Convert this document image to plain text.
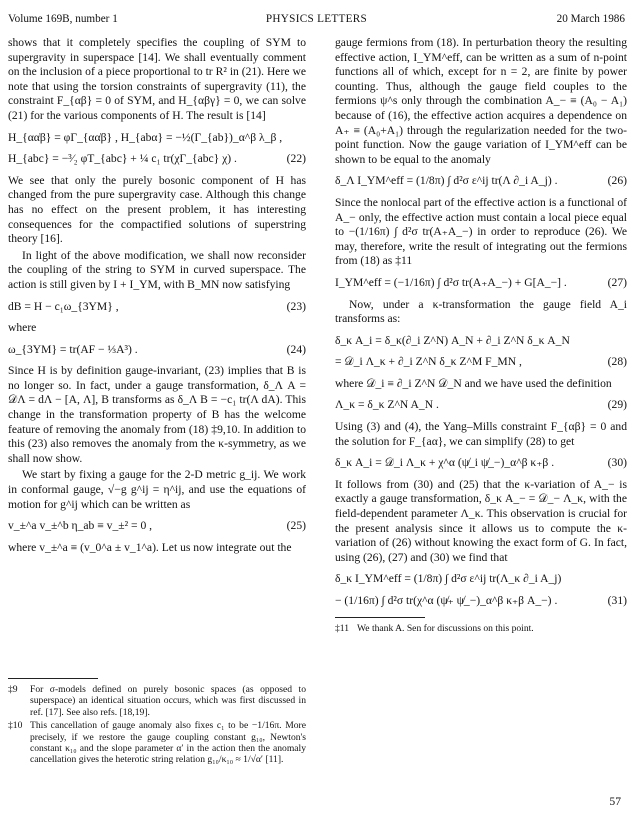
Volume 169B, number 1	PHYSICS LETTERS	20 March 1986

shows that it completely specifies the coupling of SYM to supergravity in superspace [14]. We shall eventually comment on the inclusion of a piece proportional to tr R² in (21). Here we note that using the torsion constraints of supergravity (11), the constraint F_{αβ} = 0 of SYM, and H_{αβγ} = 0, we can solve (21) for the various components of H. The result is [14]

H_{αα̇β} = φΓ_{αα̇β} , H_{abα} = −½(Γ_{ab})_α^β λ_β ,
H_{abc} = −³⁄₂ φT_{abc} + ¼ c₁ tr(χΓ_{abc} χ) .	(22)

We see that only the purely bosonic component of H has changed from the pure supergravity case. Although this change has no effect on the present problem, it has interesting consequences for the compactified solutions of superstring theory [16].

In light of the above modification, we shall now reconsider the coupling of the string to SYM in curved superspace. The action is still given by I + I_YM, with B_MN now satisfying

dB = H − c₁ω_{3YM} ,	(23)

where

ω_{3YM} = tr(AF − ⅓A³) .	(24)

Since H is by definition gauge-invariant, (23) implies that B is no longer so. In fact, under a gauge transformation, δ_Λ A = 𝒟Λ = dΛ − [A, Λ], B transforms as δ_Λ B = −c₁ tr(Λ dA). This change in the transformation property of B has the welcome feature of removing the anomaly from (18) ‡9,10. In addition to this (23) also removes the anomaly from the κ-symmetry, as we shall now show.

We start by fixing a gauge for the 2-D metric g_ij. We work in conformal gauge, √−g g^ij = η^ij, and use the equations of motion for g^ij which can be written as

v_±^a v_±^b η_ab ≡ v_±² = 0 ,	(25)

where v_±^a ≡ (v_0^a ± v_1^a). Let us now integrate out the

‡9	For σ-models defined on purely bosonic spaces (as opposed to superspace) an identical situation occurs, which was first discussed in ref. [17]. See also refs. [18,19].
‡10 This cancellation of gauge anomaly also fixes c₁ to be −1/16π. More precisely, if we restore the gauge coupling constant g₁₀, Newton's constant κ₁₀ and the slope parameter α′ in the action then the anomaly cancellation gives the heterotic string relation g₁₀/κ₁₀ ≈ 1/√α′ [11].

gauge fermions from (18). In perturbation theory the resulting effective action, I_YM^eff, can be written as a sum of n-point functions all of which, except for n = 2, are finite by power counting. Thus, although the gauge field couples to the fermions ψ^s only through the combination A_− ≡ (A₀ − A₁) because of (16), the effective action acquires a dependence on A₊ ≡ (A₀+A₁) through the regularization needed for the two-point function. Now the gauge variation of I_YM^eff can be shown to be equal to the anomaly

δ_Λ I_YM^eff = (1/8π) ∫ d²σ ε^ij tr(Λ ∂_i A_j) .	(26)

Since the nonlocal part of the effective action is a functional of A_− only, the effective action must contain a local piece equal to −(1/16π) ∫ d²σ tr(A₊A_−) in order to reproduce (26). We may, therefore, write the result of integrating out the fermions from (18) as ‡11

I_YM^eff = (−1/16π) ∫ d²σ tr(A₊A_−) + G[A_−] .	(27)

Now, under a κ-transformation the gauge field A_i transforms as:

δ_κ A_i = δ_κ(∂_i Z^N) A_N + ∂_i Z^N δ_κ A_N
= 𝒟_i Λ_κ + ∂_i Z^N δ_κ Z^M F_MN ,	(28)

where 𝒟_i ≡ ∂_i Z^N 𝒟_N and we have used the definition

Λ_κ = δ_κ Z^N A_N .	(29)

Using (3) and (4), the Yang–Mills constraint F_{αβ} = 0 and the solution for F_{aα}, we can simplify (28) to get

δ_κ A_i = 𝒟_i Λ_κ + χ^α (ψ̸_i ψ̸_−)_α^β κ₊β .	(30)

It follows from (30) and (25) that the κ-variation of A_− is exactly a gauge transformation, δ_κ A_− = 𝒟_− Λ_κ, with the field-dependent parameter Λ_κ. This observation is crucial for the present analysis since it allows us to compute the κ-variation of (26) without knowing the exact form of G. In fact, using (26), (27) and (30) we find that

δ_κ I_YM^eff = (1/8π) ∫ d²σ ε^ij tr(Λ_κ ∂_i A_j)
− (1/16π) ∫ d²σ tr(χ^α (ψ̸₊ ψ̸_−)_α^β κ₊β A_−) .	(31)
‡11 We thank A. Sen for discussions on this point.
57
